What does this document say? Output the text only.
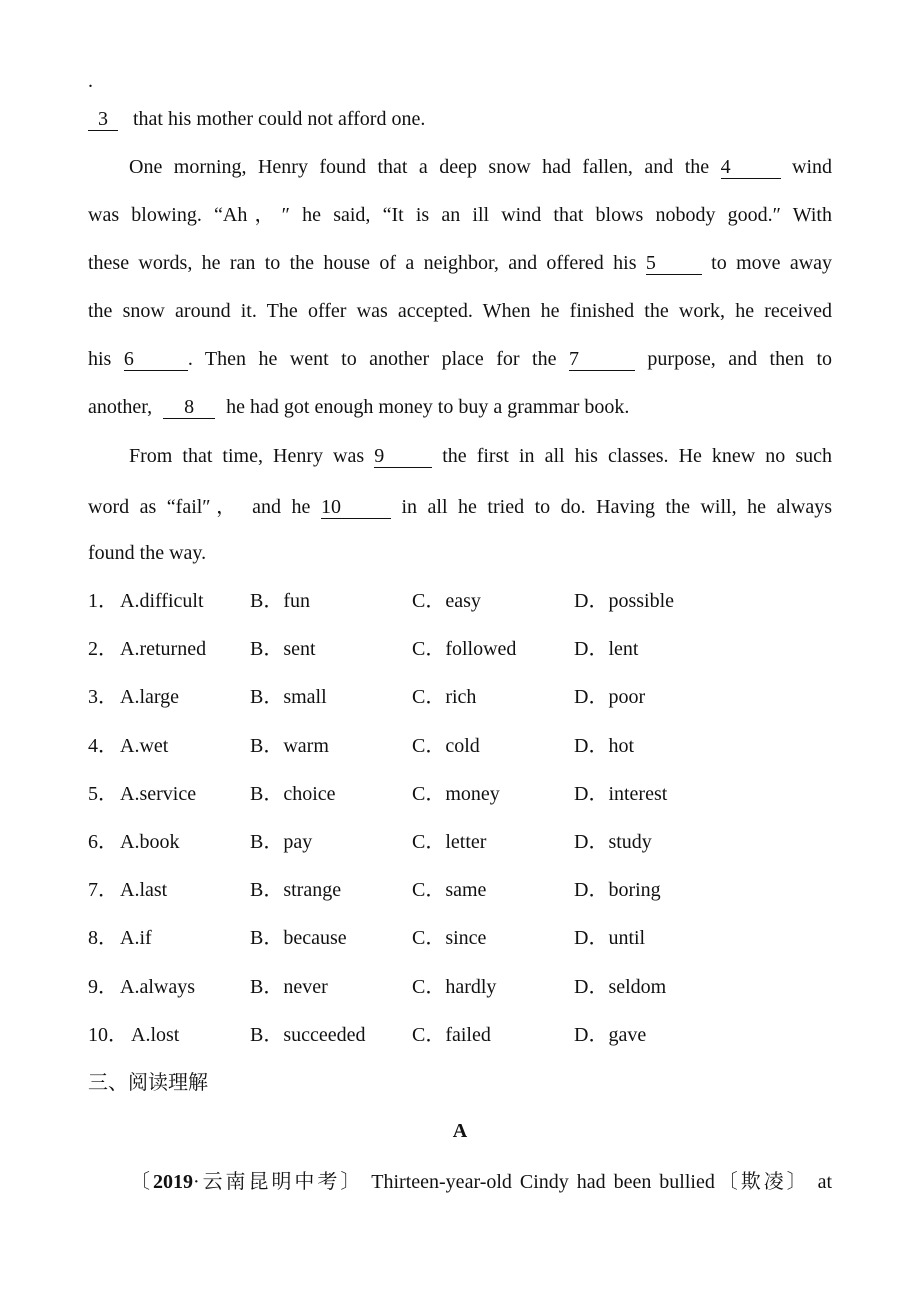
.
3 that his mother could not afford one.
One morning, Henry found that a deep snow had fallen, and the 4	wind
was blowing. “Ah，″ he said, “It is an ill wind that blows nobody good.″ With
these words, he ran to the house of a neighbor, and offered his 5	to move away
the snow around it. The offer was accepted. When he finished the work, he received
his 6	. Then he went to another place for the 7	purpose, and then to
another, 8 he had got enough money to buy a grammar book.
From that time, Henry was 9	the first in all his classes. He knew no such
word as “fail″， and he 10	in all he tried to do. Having the will, he always
found the way.
1． A.difficult B．fun	C．easy	D．possible
2． A.returned B．sent	C．followed	D．lent
3． A.large	B．small	C．rich	D．poor
4． A.wet	B．warm	C．cold	D．hot
5． A.service	B．choice	C．money	D．interest
6． A.book	B．pay	C．letter	D．study
7． A.last	B．strange	C．same	D．boring
8． A.if	B．because	C．since	D．until
9． A.always	B．never	C．hardly	D．seldom
10． A.lost	B．succeeded C．failed	D．gave
三、阅读理解
A
〔2019·云南昆明中考〕 Thirteen-year-old Cindy had been bullied〔欺凌〕 at
